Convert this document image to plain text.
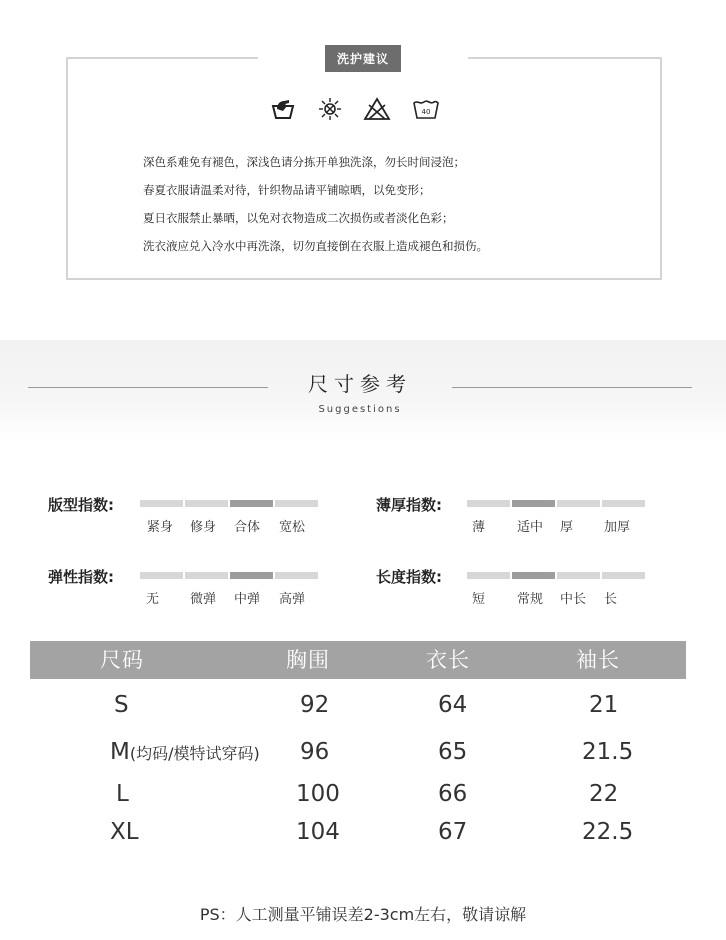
洗护建议
40
深色系难免有褪色，深浅色请分拣开单独洗涤，勿长时间浸泡；
春夏衣服请温柔对待，针织物品请平铺晾晒，以免变形；
夏日衣服禁止暴晒，以免对衣物造成二次损伤或者淡化色彩；
洗衣液应兑入冷水中再洗涤，切勿直接倒在衣服上造成褪色和损伤。
尺寸参考
Suggestions
版型指数:
紧身 修身 合体 宽松
薄厚指数:
薄 适中 厚 加厚
弹性指数:
无 微弹 中弹 高弹
长度指数:
短 常规 中长 长
尺码	胸围	衣长	袖长
S	92	64	21
M(均码/模特试穿码) 96	65	21.5
L	100	66	22
XL	104	67	22.5
PS：人工测量平铺误差2-3cm左右，敬请谅解
